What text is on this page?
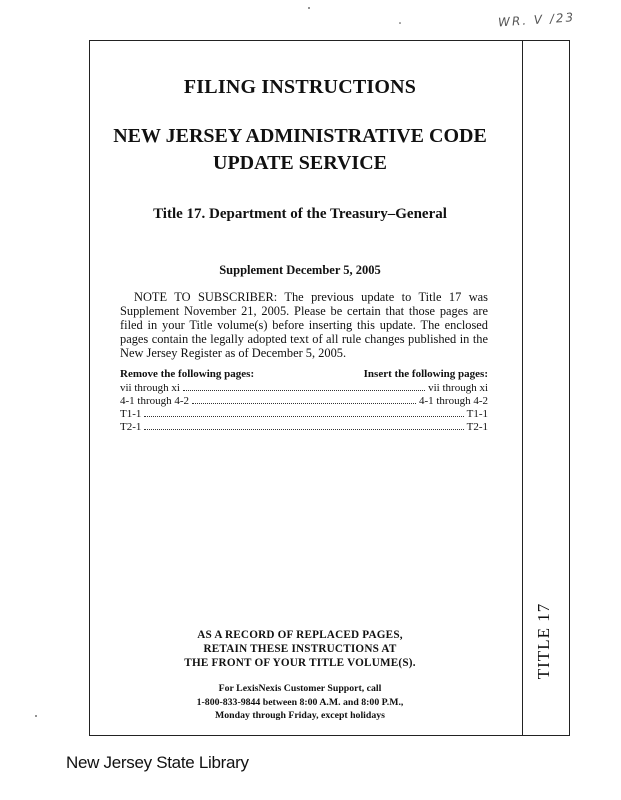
WR. V /23
TITLE 17
FILING INSTRUCTIONS
NEW JERSEY ADMINISTRATIVE CODE
UPDATE SERVICE
Title 17. Department of the Treasury–General
Supplement December 5, 2005

NOTE TO SUBSCRIBER: The previous update to Title 17 was Supplement November 21, 2005. Please be certain that those pages are filed in your Title volume(s) before inserting this update. The enclosed pages contain the legally adopted text of all rule changes published in the New Jersey Register as of December 5, 2005.

Remove the following pages:	Insert the following pages:
vii through xi	vii through xi
4-1 through 4-2	4-1 through 4-2
T1-1	T1-1
T2-1	T2-1
AS A RECORD OF REPLACED PAGES,
RETAIN THESE INSTRUCTIONS AT
THE FRONT OF YOUR TITLE VOLUME(S).
For LexisNexis Customer Support, call
1-800-833-9844 between 8:00 A.M. and 8:00 P.M.,
Monday through Friday, except holidays
New Jersey State Library
